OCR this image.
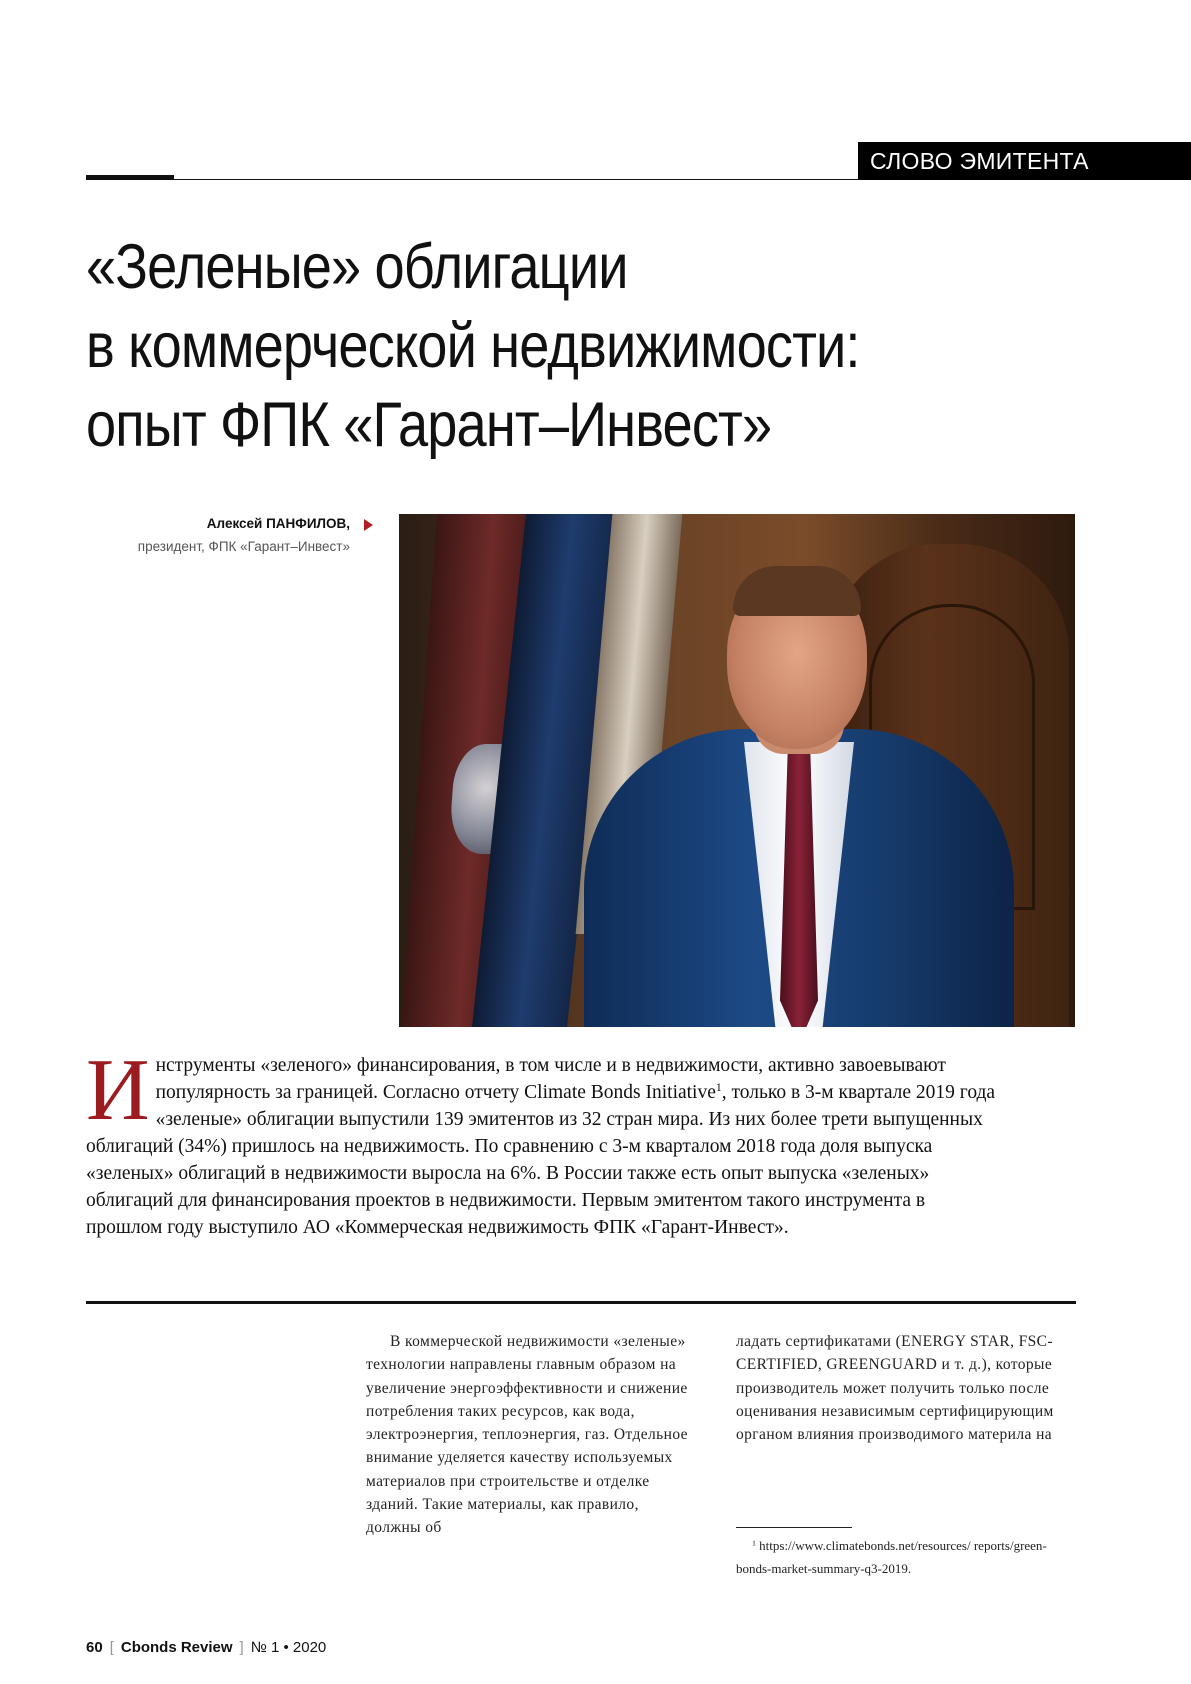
СЛОВО ЭМИТЕНТА
«Зеленые» облигации
в коммерческой недвижимости:
опыт ФПК «Гарант–Инвест»
Алексей ПАНФИЛОВ,
президент, ФПК «Гарант–Инвест»

Инструменты «зеленого» финансирования, в том числе и в недвижимости, активно завоевывают популярность за границей. Согласно отчету Climate Bonds Initiative$^1$, только в 3-м квартале 2019 года «зеленые» облигации выпустили 139 эмитентов из 32 стран мира. Из них более трети выпущенных облигаций (34%) пришлось на недвижимость. По сравнению с 3-м кварталом 2018 года доля выпуска «зеленых» облигаций в недвижимости выросла на 6%. В России также есть опыт выпуска «зеленых» облигаций для финансирования проектов в недвижимости. Первым эмитентом такого инструмента в прошлом году выступило АО «Коммерческая недвижимость ФПК «Гарант-Инвест».

В коммерческой недвижимости «зеленые» технологии направлены главным образом на увеличение энергоэффективности и снижение потребления таких ресурсов, как вода, электроэнергия, теплоэнергия, газ. Отдельное внимание уделяется качеству используемых материалов при строительстве и отделке зданий. Такие материалы, как правило, должны об

ладать сертификатами (ENERGY STAR, FSC-CERTIFIED, GREENGUARD и т. д.), которые производитель может получить только после оценивания независимым сертифицирующим органом влияния производимого материла на

$^1$ https://www.climatebonds.net/resources/ reports/green-bonds-market-summary-q3-2019.

60 [ Cbonds Review ] № 1 • 2020
